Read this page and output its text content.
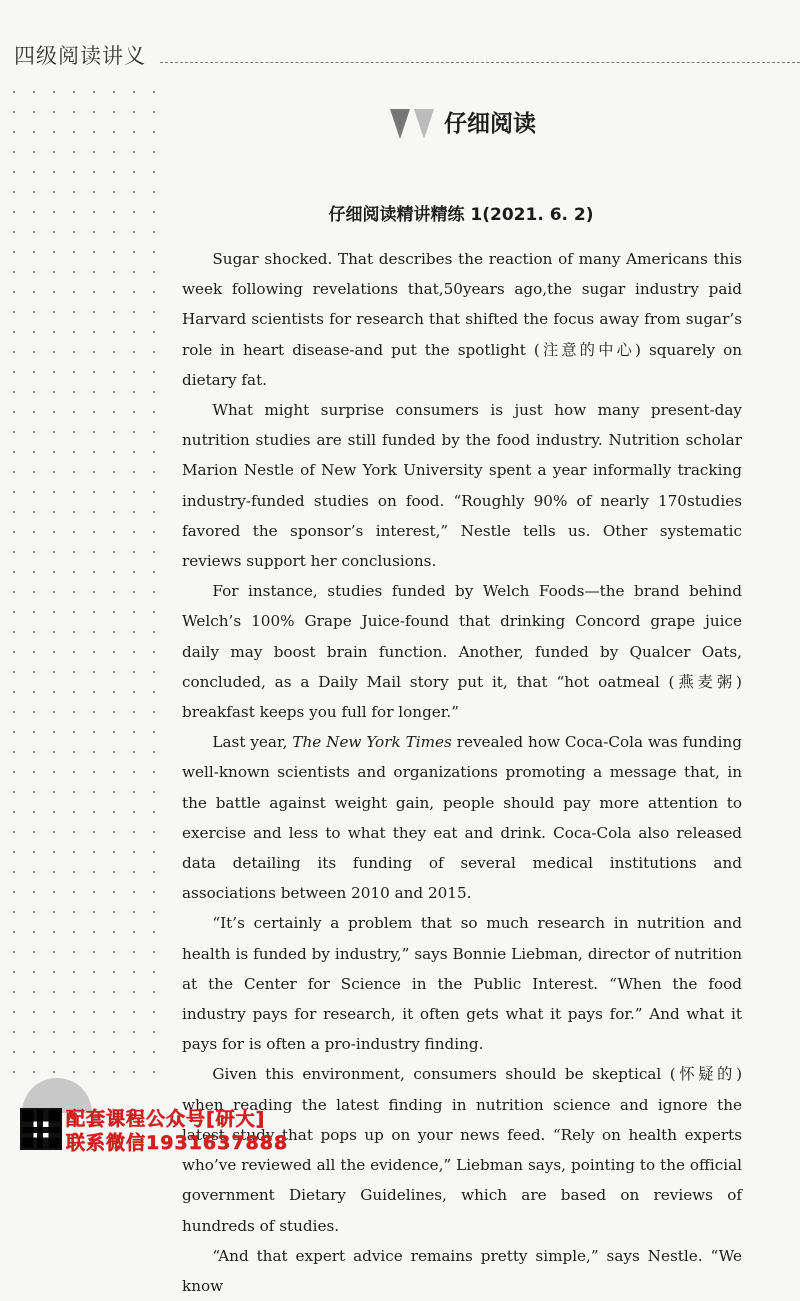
四级阅读讲义
仔细阅读
仔细阅读精讲精练 1(2021. 6. 2)

Sugar shocked. That describes the reaction of many Americans this week following revelations that,50years ago,the sugar industry paid Harvard scientists for research that shifted the focus away from sugar’s role in heart disease-and put the spotlight (注意的中心) squarely on dietary fat.

What might surprise consumers is just how many present-day nutrition studies are still funded by the food industry. Nutrition scholar Marion Nestle of New York University spent a year informally tracking industry-funded studies on food. “Roughly 90% of nearly 170studies favored the sponsor’s interest,” Nestle tells us. Other systematic reviews support her conclusions.

For instance, studies funded by Welch Foods—the brand behind Welch’s 100% Grape Juice-found that drinking Concord grape juice daily may boost brain function. Another, funded by Qualcer Oats, concluded, as a Daily Mail story put it, that “hot oatmeal (燕麦粥) breakfast keeps you full for longer.”

Last year, The New York Times revealed how Coca-Cola was funding well-known scientists and organizations promoting a message that, in the battle against weight gain, people should pay more attention to exercise and less to what they eat and drink. Coca-Cola also released data detailing its funding of several medical institutions and associations between 2010 and 2015.

“It’s certainly a problem that so much research in nutrition and health is funded by industry,” says Bonnie Liebman, director of nutrition at the Center for Science in the Public Interest. “When the food industry pays for research, it often gets what it pays for.” And what it pays for is often a pro-industry finding.

Given this environment, consumers should be skeptical (怀疑的) when reading the latest finding in nutrition science and ignore the latest study that pops up on your news feed. “Rely on health experts who’ve reviewed all the evidence,” Liebman says, pointing to the official government Dietary Guidelines, which are based on reviews of hundreds of studies.

“And that expert advice remains pretty simple,” says Nestle. “We know

配套课程公众号[研大]
联系微信1931637888
